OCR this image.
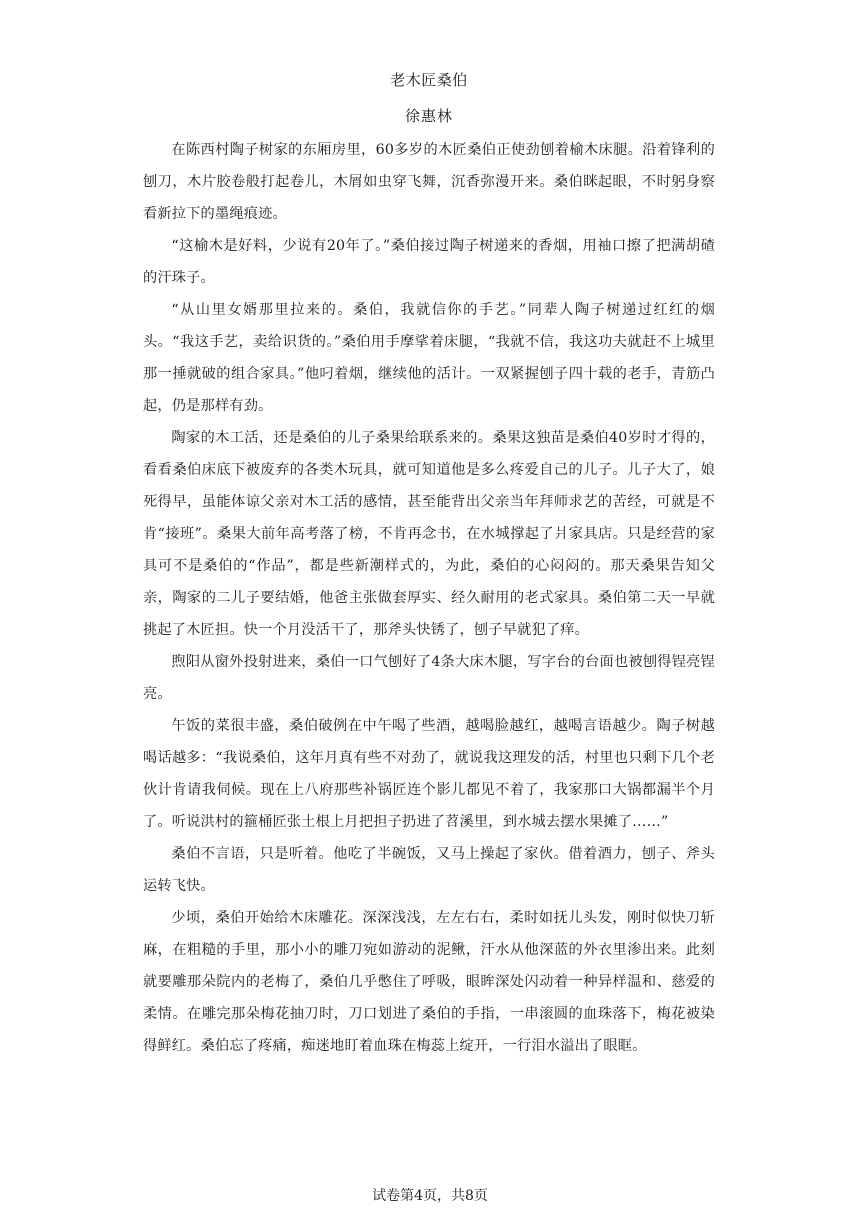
老木匠桑伯
徐惠林

在陈西村陶子树家的东厢房里，60多岁的木匠桑伯正使劲刨着榆木床腿。沿着锋利的刨刀，木片胶卷般打起卷儿，木屑如虫穿飞舞，沉香弥漫开来。桑伯眯起眼，不时躬身察看新拉下的墨绳痕迹。

“这榆木是好料，少说有20年了。”桑伯接过陶子树递来的香烟，用袖口擦了把满胡碴的汗珠子。

“从山里女婿那里拉来的。桑伯，我就信你的手艺。”同辈人陶子树递过红红的烟头。“我这手艺，卖给识货的。”桑伯用手摩挲着床腿，“我就不信，我这功夫就赶不上城里那一捶就破的组合家具。”他叼着烟，继续他的活计。一双紧握刨子四十载的老手，青筋凸起，仍是那样有劲。

陶家的木工活，还是桑伯的儿子桑果给联系来的。桑果这独苗是桑伯40岁时才得的，看看桑伯床底下被废弃的各类木玩具，就可知道他是多么疼爱自己的儿子。儿子大了，娘死得早，虽能体谅父亲对木工活的感情，甚至能背出父亲当年拜师求艺的苦经，可就是不肯“接班”。桑果大前年高考落了榜，不肯再念书，在水城撑起了爿家具店。只是经营的家具可不是桑伯的“作品”，都是些新潮样式的，为此，桑伯的心闷闷的。那天桑果告知父亲，陶家的二儿子要结婚，他爸主张做套厚实、经久耐用的老式家具。桑伯第二天一早就挑起了木匠担。快一个月没活干了，那斧头快锈了，刨子早就犯了痒。

煦阳从窗外投射进来，桑伯一口气刨好了4条大床木腿，写字台的台面也被刨得锃亮锃亮。

午饭的菜很丰盛，桑伯破例在中午喝了些酒，越喝脸越红，越喝言语越少。陶子树越喝话越多：“我说桑伯，这年月真有些不对劲了，就说我这理发的活，村里也只剩下几个老伙计肯请我伺候。现在上八府那些补锅匠连个影儿都见不着了，我家那口大锅都漏半个月了。听说洪村的箍桶匠张土根上月把担子扔进了苕溪里，到水城去摆水果摊了……”

桑伯不言语，只是听着。他吃了半碗饭，又马上操起了家伙。借着酒力，刨子、斧头运转飞快。

少顷，桑伯开始给木床雕花。深深浅浅，左左右右，柔时如抚儿头发，刚时似快刀斩麻，在粗糙的手里，那小小的雕刀宛如游动的泥鳅，汗水从他深蓝的外衣里渗出来。此刻就要雕那朵院内的老梅了，桑伯几乎憋住了呼吸，眼眸深处闪动着一种异样温和、慈爱的柔情。在雕完那朵梅花抽刀时，刀口划进了桑伯的手指，一串滚圆的血珠落下，梅花被染得鲜红。桑伯忘了疼痛，痴迷地盯着血珠在梅蕊上绽开，一行泪水溢出了眼眶。

试卷第4页，共8页
